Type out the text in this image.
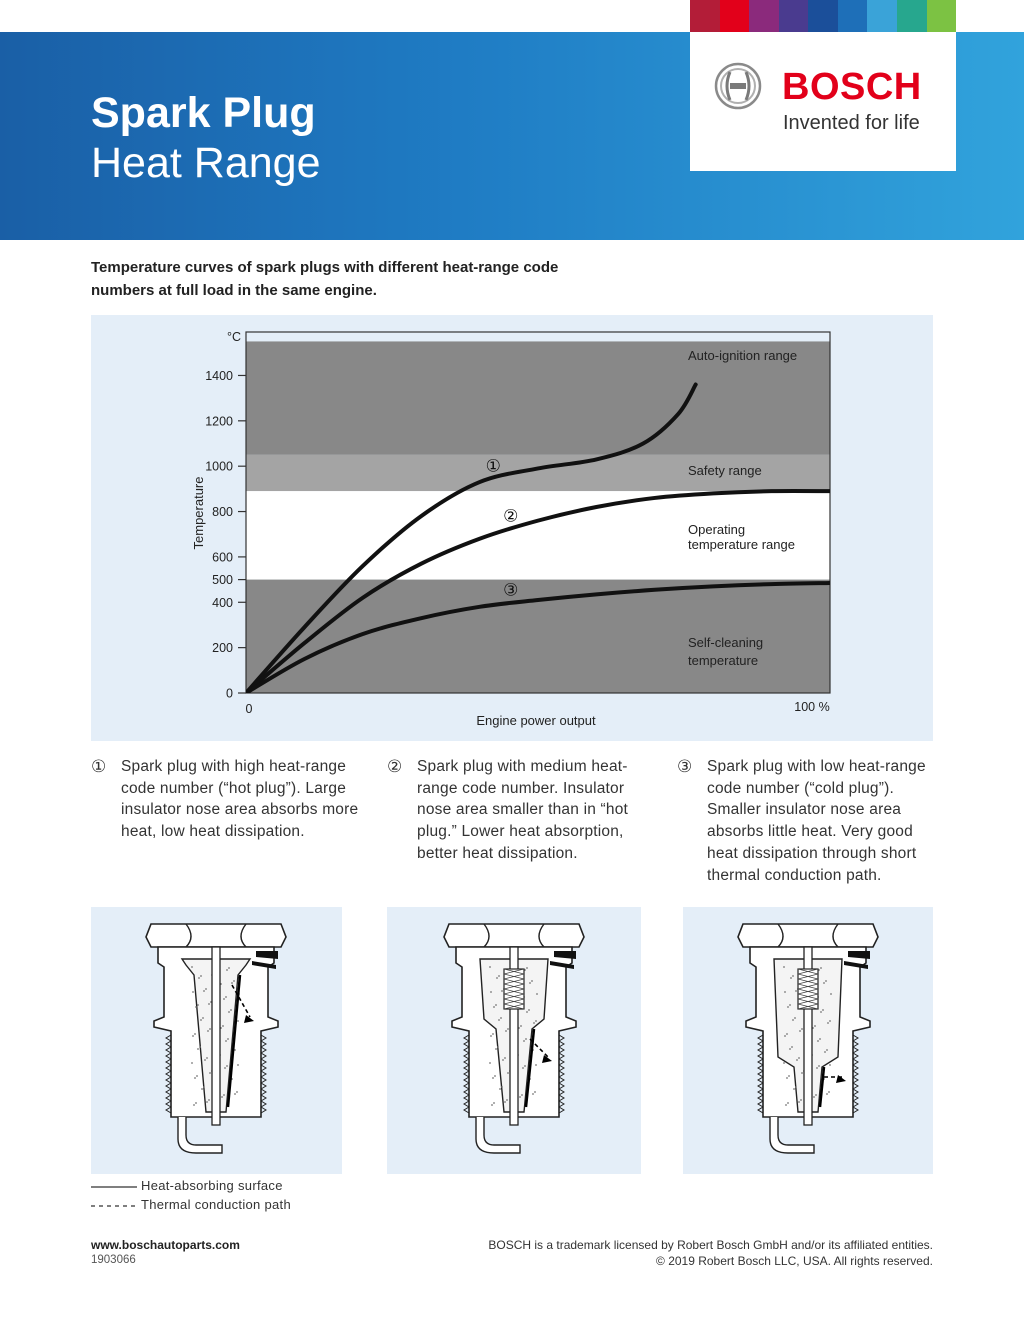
Spark Plug
Heat Range
BOSCH
Invented for life
Temperature curves of spark plugs with different heat-range code numbers at full load in the same engine.
0
200
400
500
600
800
1000
1200
1400
Auto-ignition range
Safety range
Operating temperature range
Self-cleaning temperature
①
②
③
°C
Temperature
Engine power output
0	100 %
① Spark plug with high heat-range code number (“hot plug”). Large insulator nose area absorbs more heat, low heat dissipation.
② Spark plug with medium heat-range code number. Insulator nose area smaller than in “hot plug.” Lower heat absorption, better heat dissipation.
③ Spark plug with low heat-range code number (“cold plug”). Smaller insulator nose area absorbs little heat. Very good heat dissipation through short thermal conduction path.
Heat-absorbing surface
Thermal conduction path
www.boschautoparts.com
1903066
BOSCH is a trademark licensed by Robert Bosch GmbH and/or its affiliated entities.
© 2019 Robert Bosch LLC, USA. All rights reserved.
